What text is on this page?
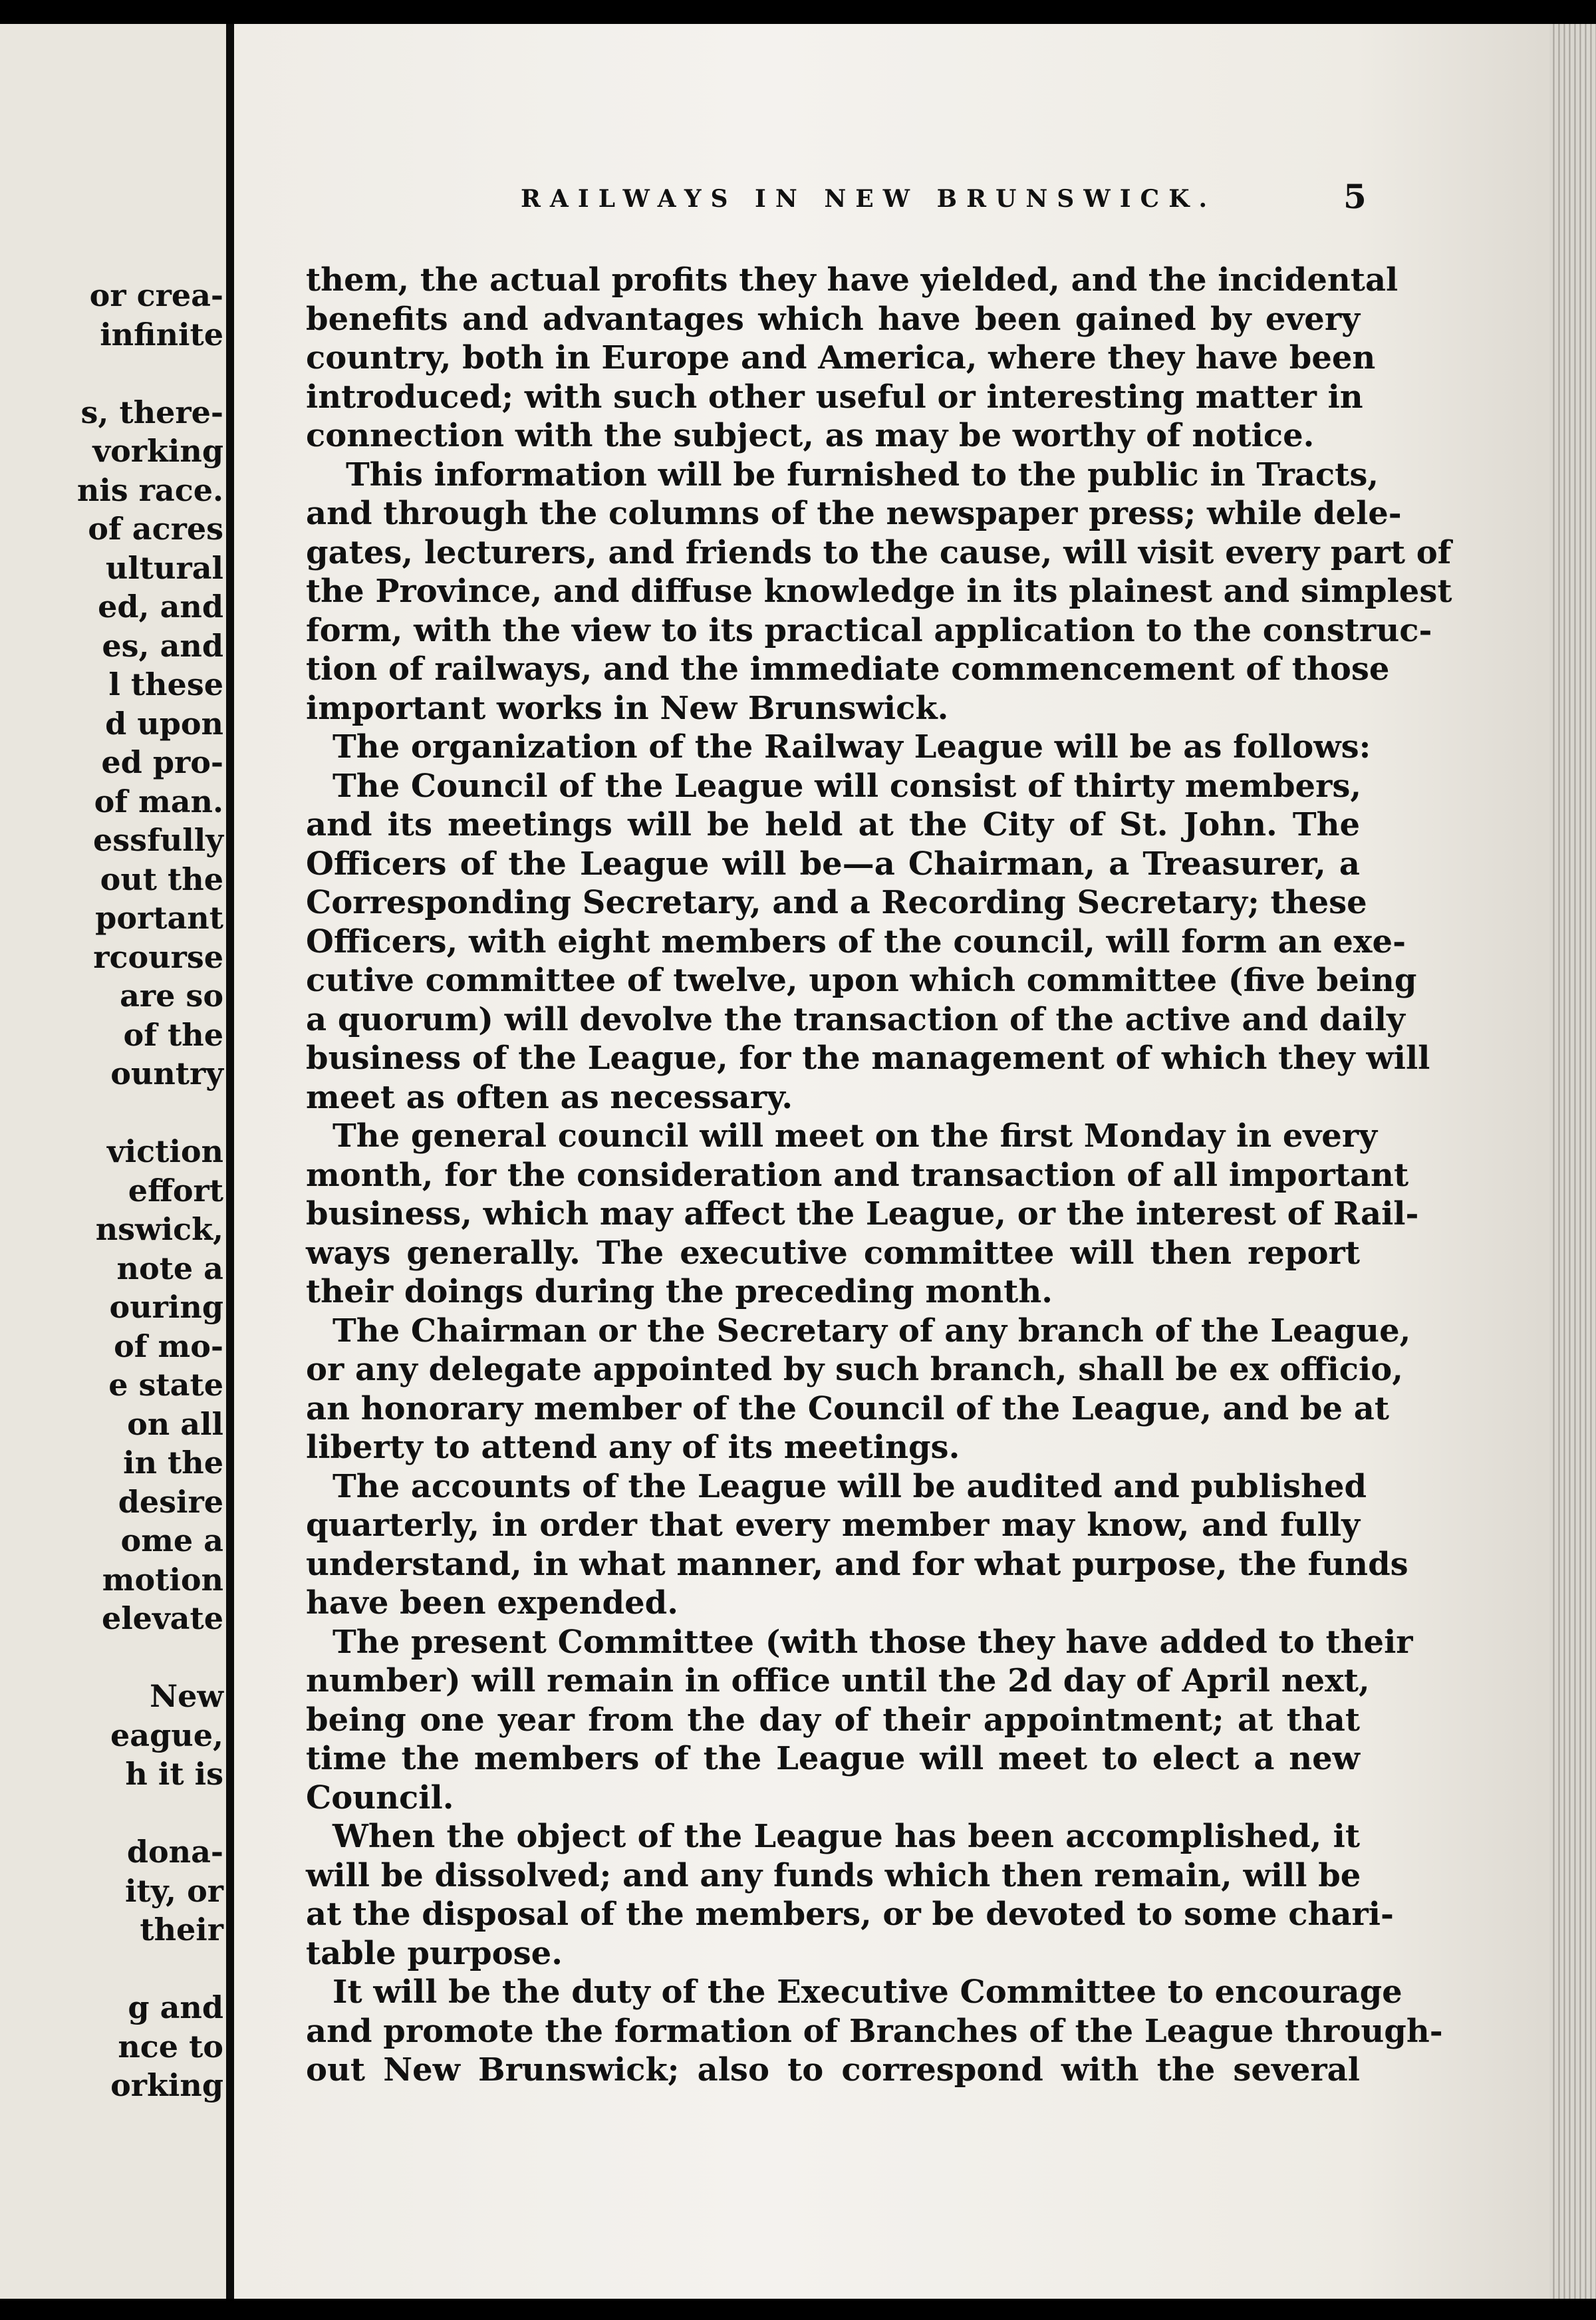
or crea-
infinite
s, there-
vorking
nis race.
of acres
ultural
ed, and
es, and
l these
d upon
ed pro-
of man.
essfully
out the
portant
rcourse
are so
of the
ountry
viction
effort
nswick,
note a
ouring
of mo-
e state
on all
in the
desire
ome a
motion
elevate
New
eague,
h it is
dona-
ity, or
their
g and
nce to
orking
RAILWAYS IN NEW BRUNSWICK.	5
them, the actual profits they have yielded, and the incidental
benefits and advantages which have been gained by every
country, both in Europe and America, where they have been
introduced; with such other useful or interesting matter in
connection with the subject, as may be worthy of notice.
This information will be furnished to the public in Tracts,
and through the columns of the newspaper press; while dele-
gates, lecturers, and friends to the cause, will visit every part of
the Province, and diffuse knowledge in its plainest and simplest
form, with the view to its practical application to the construc-
tion of railways, and the immediate commencement of those
important works in New Brunswick.
The organization of the Railway League will be as follows:
The Council of the League will consist of thirty members,
and its meetings will be held at the City of St. John. The
Officers of the League will be—a Chairman, a Treasurer, a
Corresponding Secretary, and a Recording Secretary; these
Officers, with eight members of the council, will form an exe-
cutive committee of twelve, upon which committee (five being
a quorum) will devolve the transaction of the active and daily
business of the League, for the management of which they will
meet as often as necessary.
The general council will meet on the first Monday in every
month, for the consideration and transaction of all important
business, which may affect the League, or the interest of Rail-
ways generally. The executive committee will then report
their doings during the preceding month.
The Chairman or the Secretary of any branch of the League,
or any delegate appointed by such branch, shall be ex officio,
an honorary member of the Council of the League, and be at
liberty to attend any of its meetings.
The accounts of the League will be audited and published
quarterly, in order that every member may know, and fully
understand, in what manner, and for what purpose, the funds
have been expended.
The present Committee (with those they have added to their
number) will remain in office until the 2d day of April next,
being one year from the day of their appointment; at that
time the members of the League will meet to elect a new
Council.
When the object of the League has been accomplished, it
will be dissolved; and any funds which then remain, will be
at the disposal of the members, or be devoted to some chari-
table purpose.
It will be the duty of the Executive Committee to encourage
and promote the formation of Branches of the League through-
out New Brunswick; also to correspond with the several
